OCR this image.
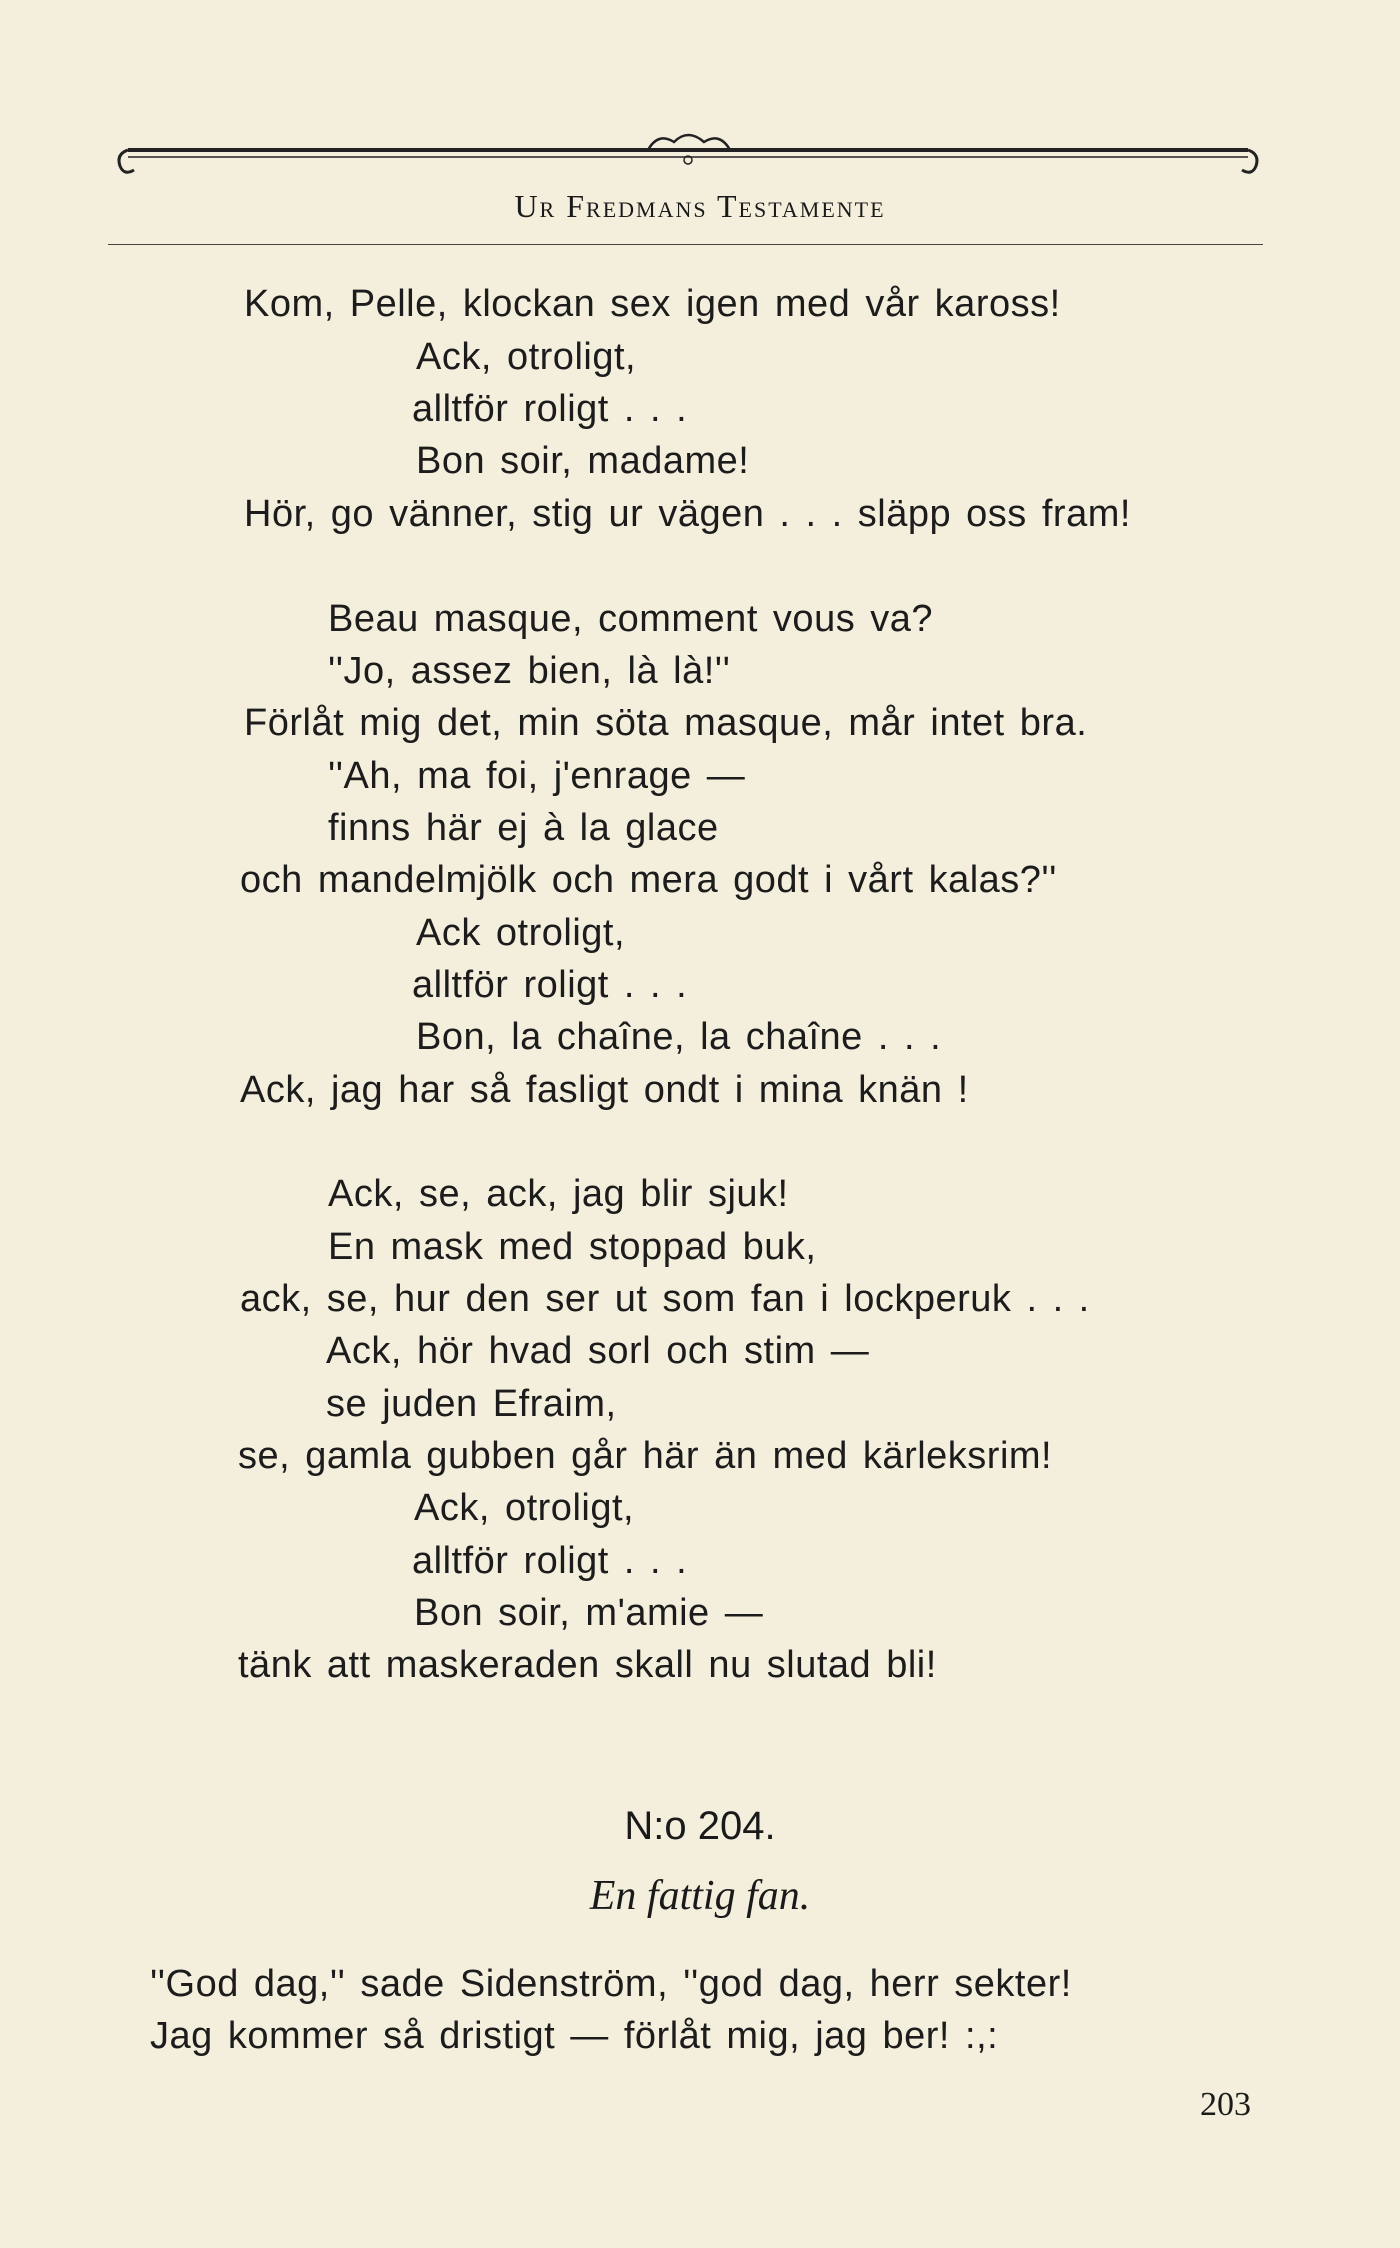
Ur Fredmans Testamente
Kom, Pelle, klockan sex igen med vår kaross!
Ack, otroligt,
alltför roligt . . .
Bon soir, madame!
Hör, go vänner, stig ur vägen . . . släpp oss fram!
Beau masque, comment vous va?
''Jo, assez bien, là là!''
Förlåt mig det, min söta masque, mår intet bra.
''Ah, ma foi, j'enrage —
finns här ej à la glace
och mandelmjölk och mera godt i vårt kalas?''
Ack otroligt,
alltför roligt . . .
Bon, la chaîne, la chaîne . . .
Ack, jag har så fasligt ondt i mina knän !
Ack, se, ack, jag blir sjuk!
En mask med stoppad buk,
ack, se, hur den ser ut som fan i lockperuk . . .
Ack, hör hvad sorl och stim —
se juden Efraim,
se, gamla gubben går här än med kärleksrim!
Ack, otroligt,
alltför roligt . . .
Bon soir, m'amie —
tänk att maskeraden skall nu slutad bli!
N:o 204.
En fattig fan.
''God dag,'' sade Sidenström, ''god dag, herr sekter!
Jag kommer så dristigt — förlåt mig, jag ber! :,:
203
